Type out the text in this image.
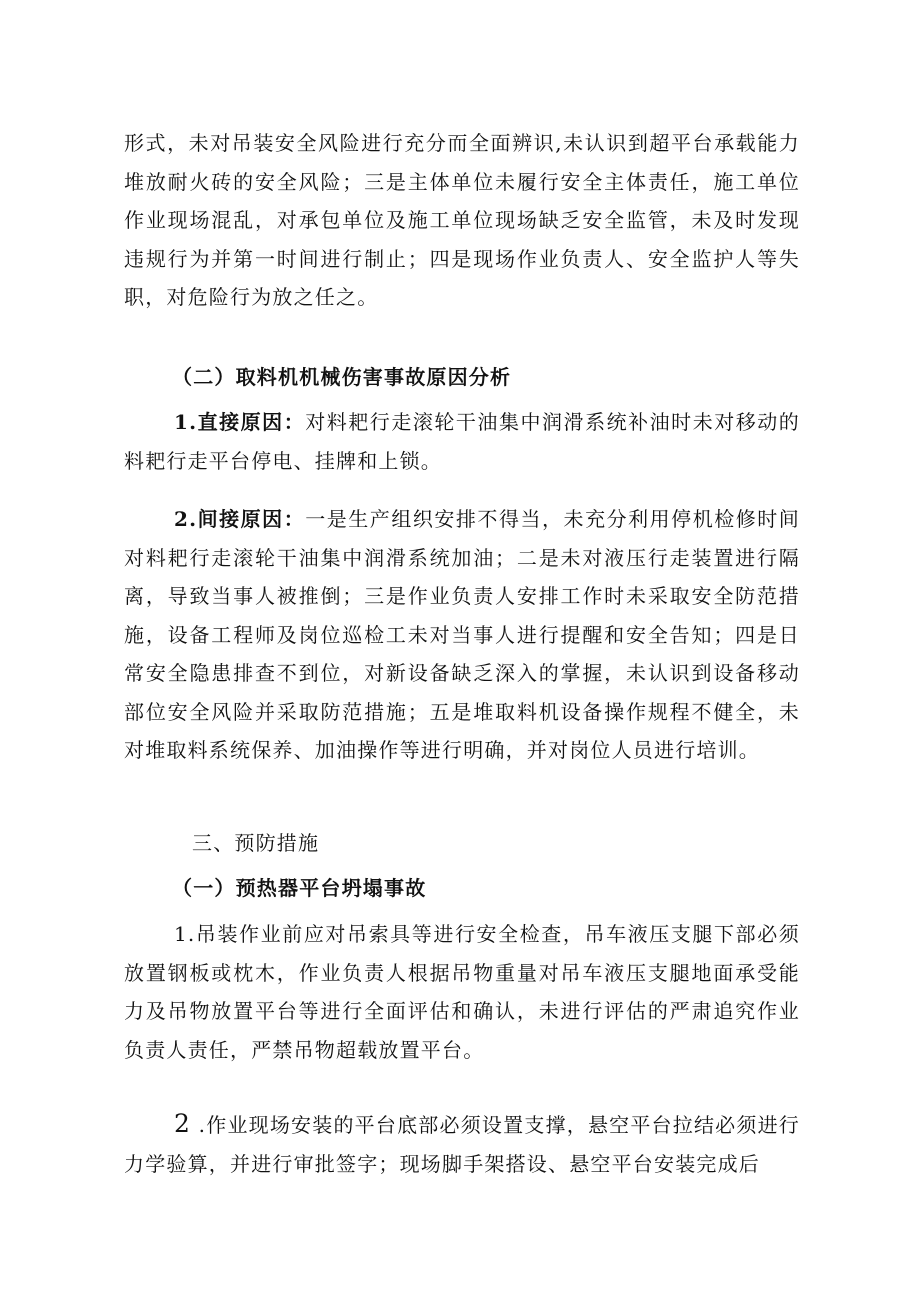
形式，未对吊装安全风险进行充分而全面辨识,未认识到超平台承载能力堆放耐火砖的安全风险；三是主体单位未履行安全主体责任，施工单位作业现场混乱，对承包单位及施工单位现场缺乏安全监管，未及时发现违规行为并第一时间进行制止；四是现场作业负责人、安全监护人等失职，对危险行为放之任之。

（二）取料机机械伤害事故原因分析

1.直接原因：对料耙行走滚轮干油集中润滑系统补油时未对移动的料耙行走平台停电、挂牌和上锁。

2.间接原因：一是生产组织安排不得当，未充分利用停机检修时间对料耙行走滚轮干油集中润滑系统加油；二是未对液压行走装置进行隔离，导致当事人被推倒；三是作业负责人安排工作时未采取安全防范措施，设备工程师及岗位巡检工未对当事人进行提醒和安全告知；四是日常安全隐患排查不到位，对新设备缺乏深入的掌握，未认识到设备移动部位安全风险并采取防范措施；五是堆取料机设备操作规程不健全，未对堆取料系统保养、加油操作等进行明确，并对岗位人员进行培训。

三、预防措施

（一）预热器平台坍塌事故

1.吊装作业前应对吊索具等进行安全检查，吊车液压支腿下部必须放置钢板或枕木，作业负责人根据吊物重量对吊车液压支腿地面承受能力及吊物放置平台等进行全面评估和确认，未进行评估的严肃追究作业负责人责任，严禁吊物超载放置平台。

2 .作业现场安装的平台底部必须设置支撑，悬空平台拉结必须进行力学验算，并进行审批签字；现场脚手架搭设、悬空平台安装完成后
